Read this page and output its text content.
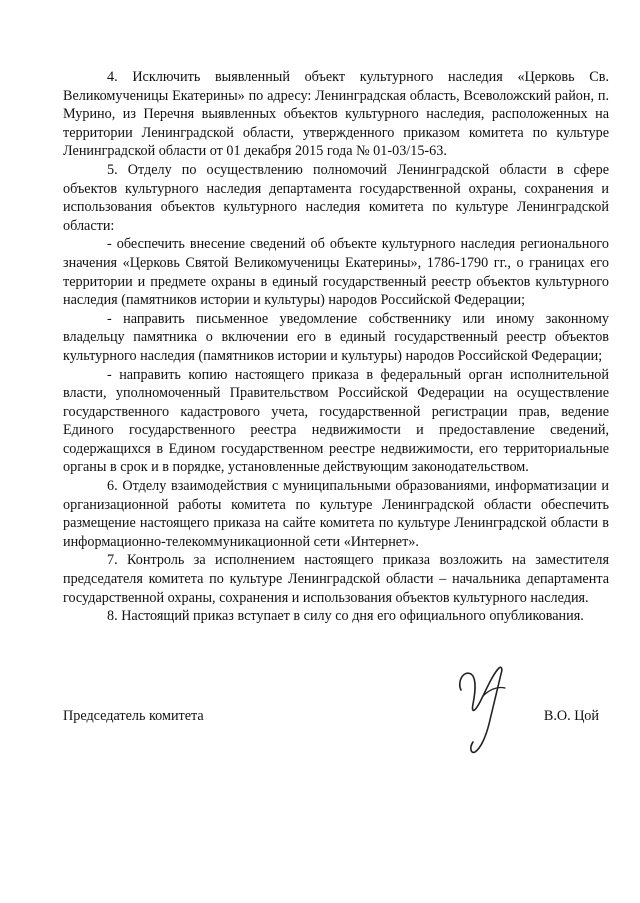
4. Исключить выявленный объект культурного наследия «Церковь Св. Великомученицы Екатерины» по адресу: Ленинградская область, Всеволожский район, п. Мурино, из Перечня выявленных объектов культурного наследия, расположенных на территории Ленинградской области, утвержденного приказом комитета по культуре Ленинградской области от 01 декабря 2015 года № 01-03/15-63.

5. Отделу по осуществлению полномочий Ленинградской области в сфере объектов культурного наследия департамента государственной охраны, сохранения и использования объектов культурного наследия комитета по культуре Ленинградской области:

- обеспечить внесение сведений об объекте культурного наследия регионального значения «Церковь Святой Великомученицы Екатерины», 1786-1790 гг., о границах его территории и предмете охраны в единый государственный реестр объектов культурного наследия (памятников истории и культуры) народов Российской Федерации;

- направить письменное уведомление собственнику или иному законному владельцу памятника о включении его в единый государственный реестр объектов культурного наследия (памятников истории и культуры) народов Российской Федерации;

- направить копию настоящего приказа в федеральный орган исполнительной власти, уполномоченный Правительством Российской Федерации на осуществление государственного кадастрового учета, государственной регистрации прав, ведение Единого государственного реестра недвижимости и предоставление сведений, содержащихся в Едином государственном реестре недвижимости, его территориальные органы в срок и в порядке, установленные действующим законодательством.

6. Отделу взаимодействия с муниципальными образованиями, информатизации и организационной работы комитета по культуре Ленинградской области обеспечить размещение настоящего приказа на сайте комитета по культуре Ленинградской области в информационно-телекоммуникационной сети «Интернет».

7. Контроль за исполнением настоящего приказа возложить на заместителя председателя комитета по культуре Ленинградской области – начальника департамента государственной охраны, сохранения и использования объектов культурного наследия.

8. Настоящий приказ вступает в силу со дня его официального опубликования.

Председатель комитета	В.О. Цой
